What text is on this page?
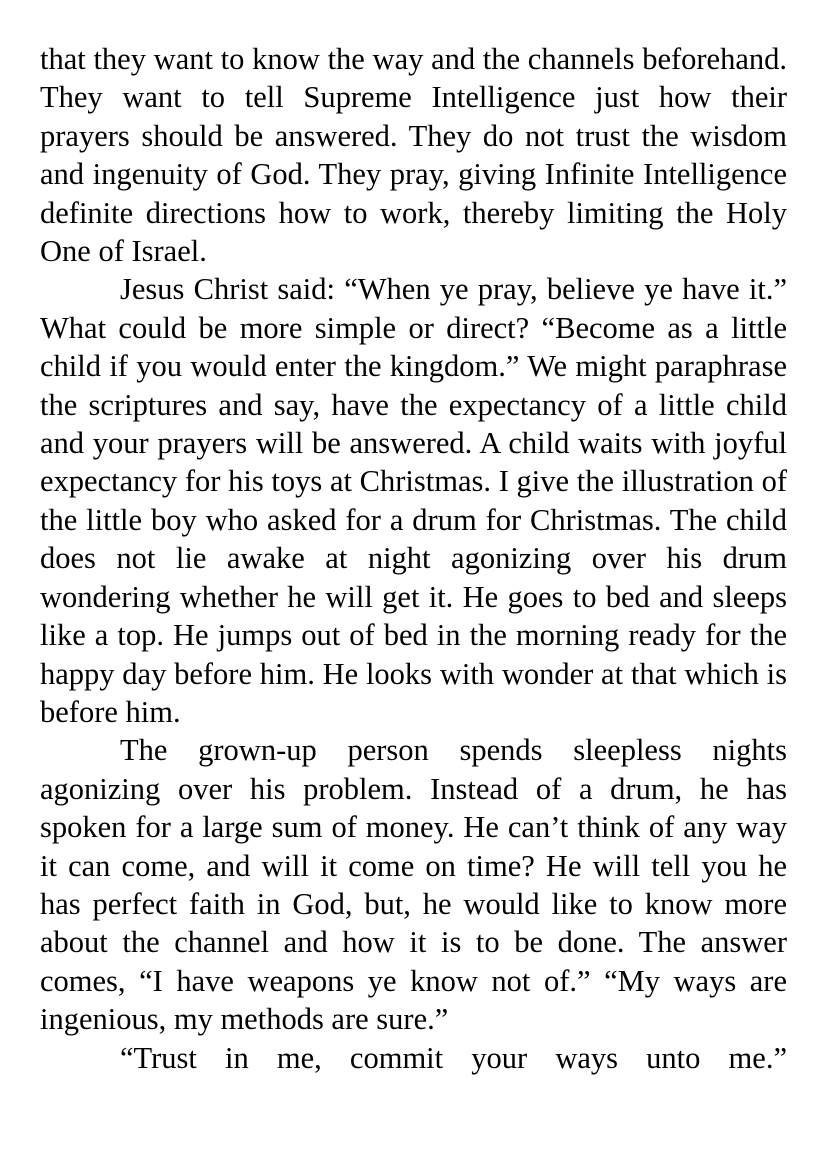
that they want to know the way and the channels beforehand. They want to tell Supreme Intelligence just how their prayers should be answered. They do not trust the wisdom and ingenuity of God. They pray, giving Infinite Intelligence definite directions how to work, thereby limiting the Holy One of Israel.

Jesus Christ said: “When ye pray, believe ye have it.” What could be more simple or direct? “Become as a little child if you would enter the kingdom.” We might paraphrase the scriptures and say, have the expectancy of a little child and your prayers will be answered. A child waits with joyful expectancy for his toys at Christmas. I give the illustration of the little boy who asked for a drum for Christmas. The child does not lie awake at night agonizing over his drum wondering whether he will get it. He goes to bed and sleeps like a top. He jumps out of bed in the morning ready for the happy day before him. He looks with wonder at that which is before him.

The grown-up person spends sleepless nights agonizing over his problem. Instead of a drum, he has spoken for a large sum of money. He can’t think of any way it can come, and will it come on time? He will tell you he has perfect faith in God, but, he would like to know more about the channel and how it is to be done. The answer comes, “I have weapons ye know not of.” “My ways are ingenious, my methods are sure.”

“Trust in me, commit your ways unto me.”
